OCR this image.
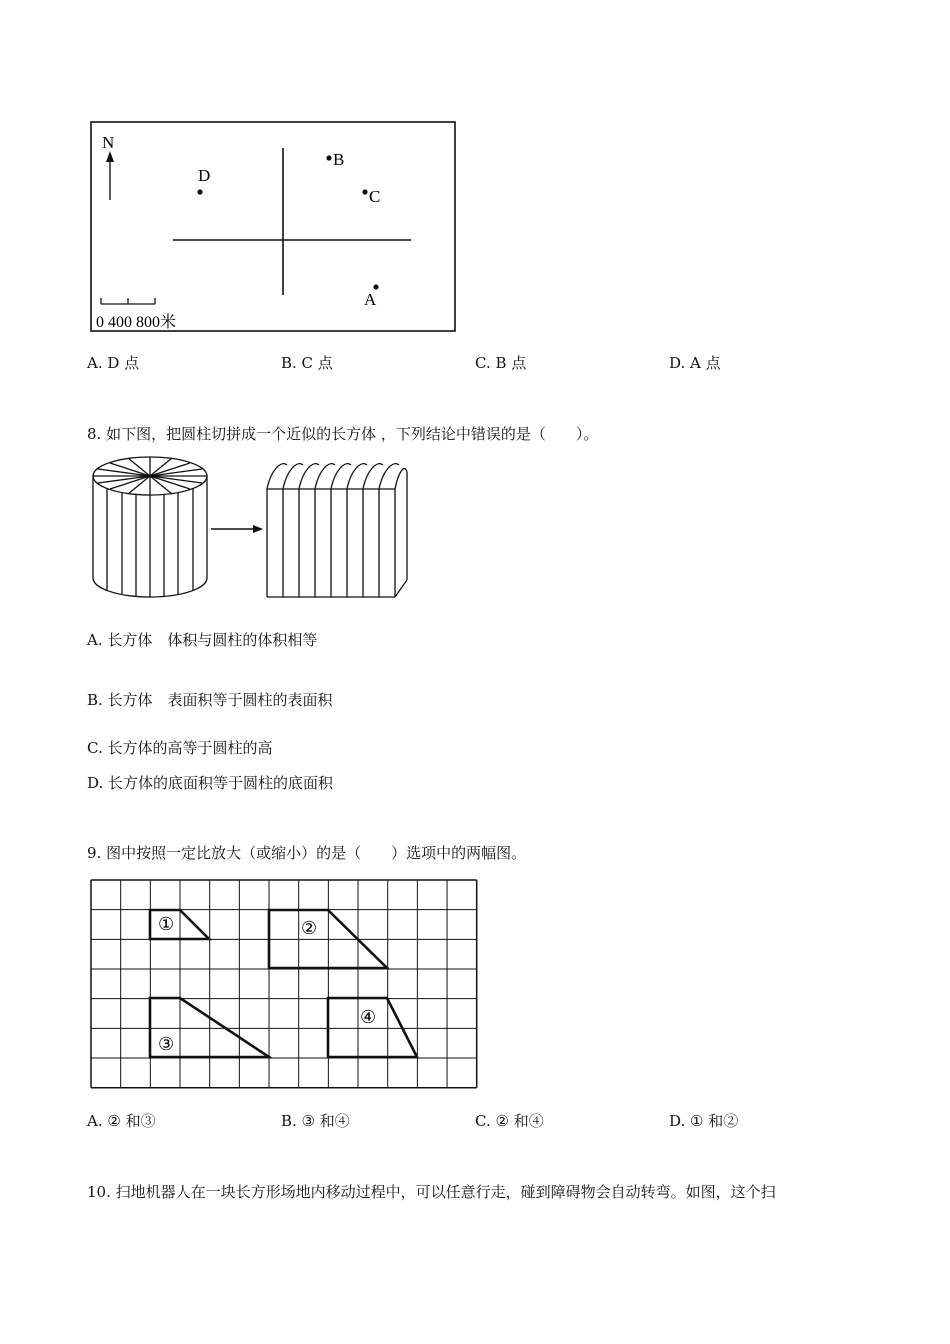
N
D
B
C
A
0 400 800米
A. D 点	B. C 点	C. B 点	D. A 点
8. 如下图，把圆柱切拼成一个近似的长方体 ，下列结论中错误的是（　　）。
A. 长方体　体积与圆柱的体积相等
B. 长方体　表面积等于圆柱的表面积
C. 长方体的高等于圆柱的高
D. 长方体的底面积等于圆柱的底面积
9. 图中按照一定比放大（或缩小）的是（　　）选项中的两幅图。
①	②
③
④
A. ② 和③	B. ③ 和④	C. ② 和④	D. ① 和②
10. 扫地机器人在一块长方形场地内移动过程中，可以任意行走，碰到障碍物会自动转弯。如图，这个扫
